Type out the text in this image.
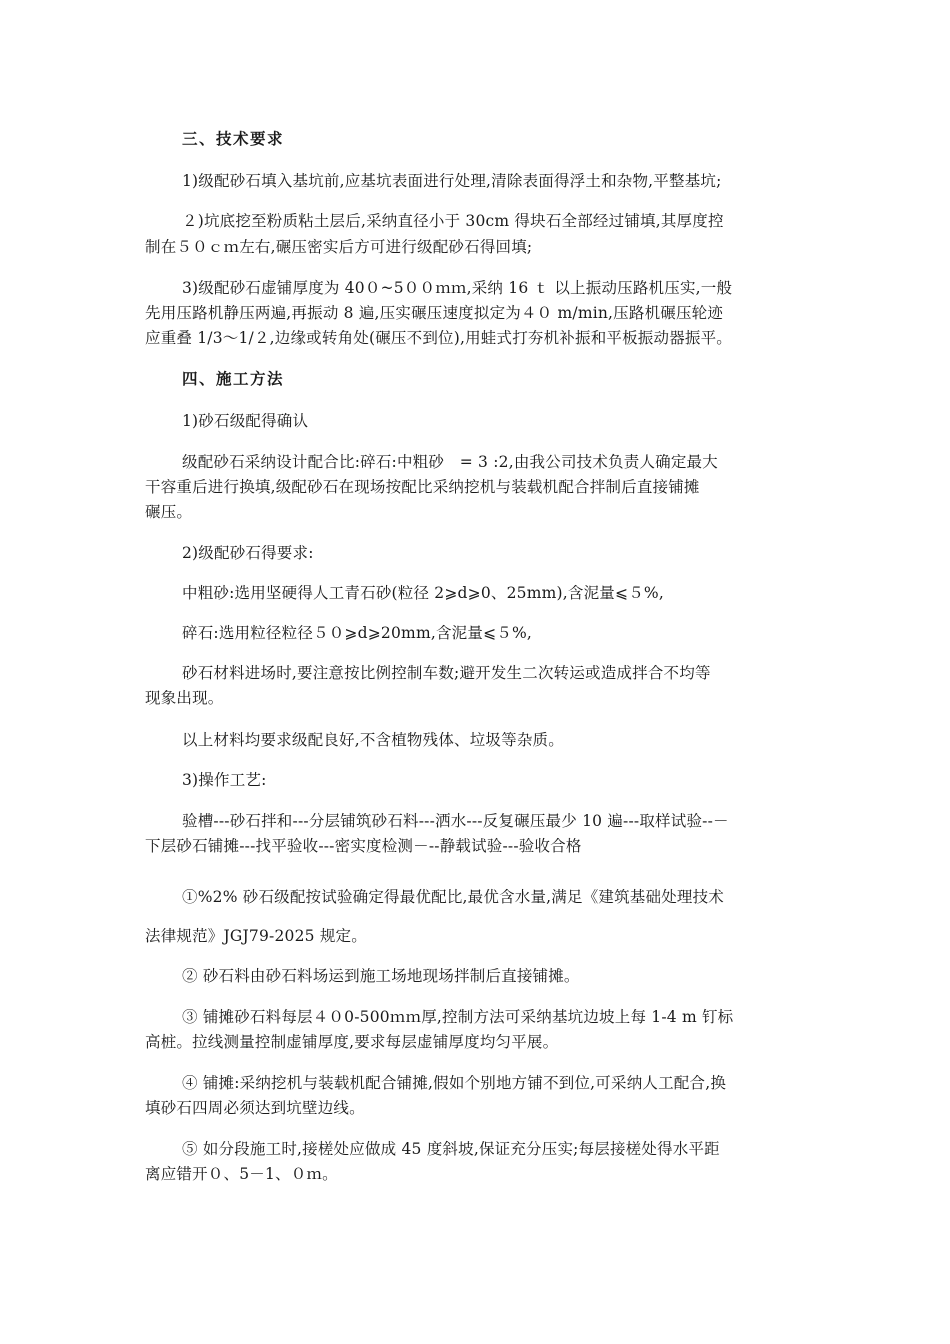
三、技术要求
1)级配砂石填入基坑前,应基坑表面进行处理,清除表面得浮土和杂物,平整基坑;
２)坑底挖至粉质粘土层后,采纳直径小于 30cm 得块石全部经过铺填,其厚度控
制在５０ｃｍ左右,碾压密实后方可进行级配砂石得回填;
3)级配砂石虚铺厚度为 40０~5００ｍｍ,采纳 16 ｔ 以上振动压路机压实,一般
先用压路机静压两遍,再振动 8 遍,压实碾压速度拟定为４０ m/min,压路机碾压轮迹
应重叠 1/3～1/２,边缘或转角处(碾压不到位),用蛙式打夯机补振和平板振动器振平。
四、施工方法
1)砂石级配得确认
级配砂石采纳设计配合比:碎石:中粗砂　= 3 :2,由我公司技术负责人确定最大
干容重后进行换填,级配砂石在现场按配比采纳挖机与装载机配合拌制后直接铺摊
碾压。
2)级配砂石得要求:
中粗砂:选用坚硬得人工青石砂(粒径 2⩾d⩾0、25mm),含泥量⩽５%,
碎石:选用粒径粒径５０⩾d⩾20mm,含泥量⩽５%,
砂石材料进场时,要注意按比例控制车数;避开发生二次转运或造成拌合不均等
现象出现。
以上材料均要求级配良好,不含植物残体、垃圾等杂质。
3)操作工艺:
验槽---砂石拌和---分层铺筑砂石料---洒水---反复碾压最少 10 遍---取样试验--－
下层砂石铺摊---找平验收---密实度检测－--静载试验---验收合格
①%2% 砂石级配按试验确定得最优配比,最优含水量,满足《建筑基础处理技术
法律规范》JGJ79-2025 规定。
② 砂石料由砂石料场运到施工场地现场拌制后直接铺摊。
③ 铺摊砂石料每层４０0-500ｍｍ厚,控制方法可采纳基坑边坡上每 1-4 m 钉标
高桩。拉线测量控制虚铺厚度,要求每层虚铺厚度均匀平展。
④ 铺摊:采纳挖机与装载机配合铺摊,假如个别地方铺不到位,可采纳人工配合,换
填砂石四周必须达到坑壁边线。
⑤ 如分段施工时,接槎处应做成 45 度斜坡,保证充分压实;每层接槎处得水平距
离应错开０、5－1、０ｍ。
